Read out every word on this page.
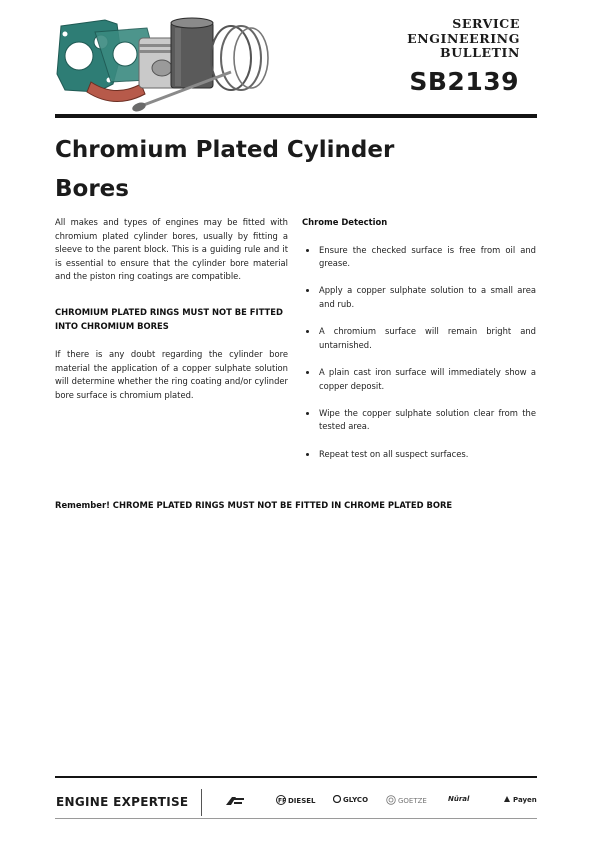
SERVICE
ENGINEERING
BULLETIN
SB2139
Chromium Plated Cylinder
Bores

All makes and types of engines may be fitted with chromium plated cylinder bores, usually by fitting a sleeve to the parent block. This is a guiding rule and it is essential to ensure that the cylinder bore material and the piston ring coatings are compatible.

CHROMIUM PLATED RINGS MUST NOT BE FITTED
INTO CHROMIUM BORES

If there is any doubt regarding the cylinder bore material the application of a copper sulphate solution will determine whether the ring coating and/or cylinder bore surface is chromium plated.

Chrome Detection

Ensure the checked surface is free from oil and grease.

Apply a copper sulphate solution to a small area and rub.

A chromium surface will remain bright and untarnished.

A plain cast iron surface will immediately show a copper deposit.

Wipe the copper sulphate solution clear from the tested area.

Repeat test on all suspect surfaces.

Remember! CHROME PLATED RINGS MUST NOT BE FITTED IN CHROME PLATED BORE

ENGINE EXPERTISE	FP DIESEL	GLYCO	GOETZE	Nüral	Payen
